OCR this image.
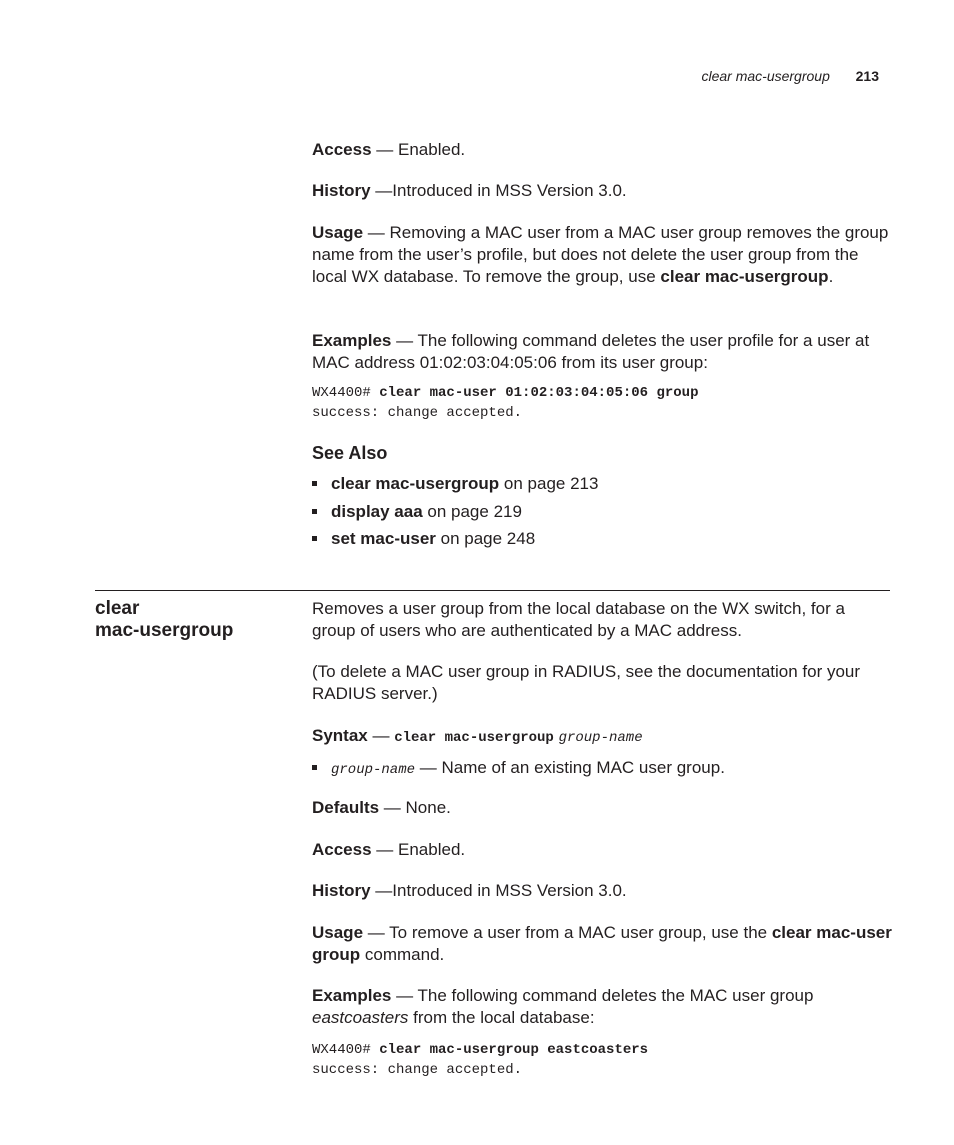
clear mac-usergroup 213
Access — Enabled.
History —Introduced in MSS Version 3.0.
Usage — Removing a MAC user from a MAC user group removes the group name from the user’s profile, but does not delete the user group from the local WX database. To remove the group, use clear mac-usergroup.
Examples — The following command deletes the user profile for a user at MAC address 01:02:03:04:05:06 from its user group:
WX4400# clear mac-user 01:02:03:04:05:06 group
success: change accepted.
See Also
clear mac-usergroup on page 213
display aaa on page 219
set mac-user on page 248
clear
mac-usergroup
Removes a user group from the local database on the WX switch, for a group of users who are authenticated by a MAC address.
(To delete a MAC user group in RADIUS, see the documentation for your RADIUS server.)
Syntax — clear mac-usergroup group-name
group-name — Name of an existing MAC user group.
Defaults — None.
Access — Enabled.
History —Introduced in MSS Version 3.0.
Usage — To remove a user from a MAC user group, use the clear mac-user group command.
Examples — The following command deletes the MAC user group eastcoasters from the local database:
WX4400# clear mac-usergroup eastcoasters
success: change accepted.
